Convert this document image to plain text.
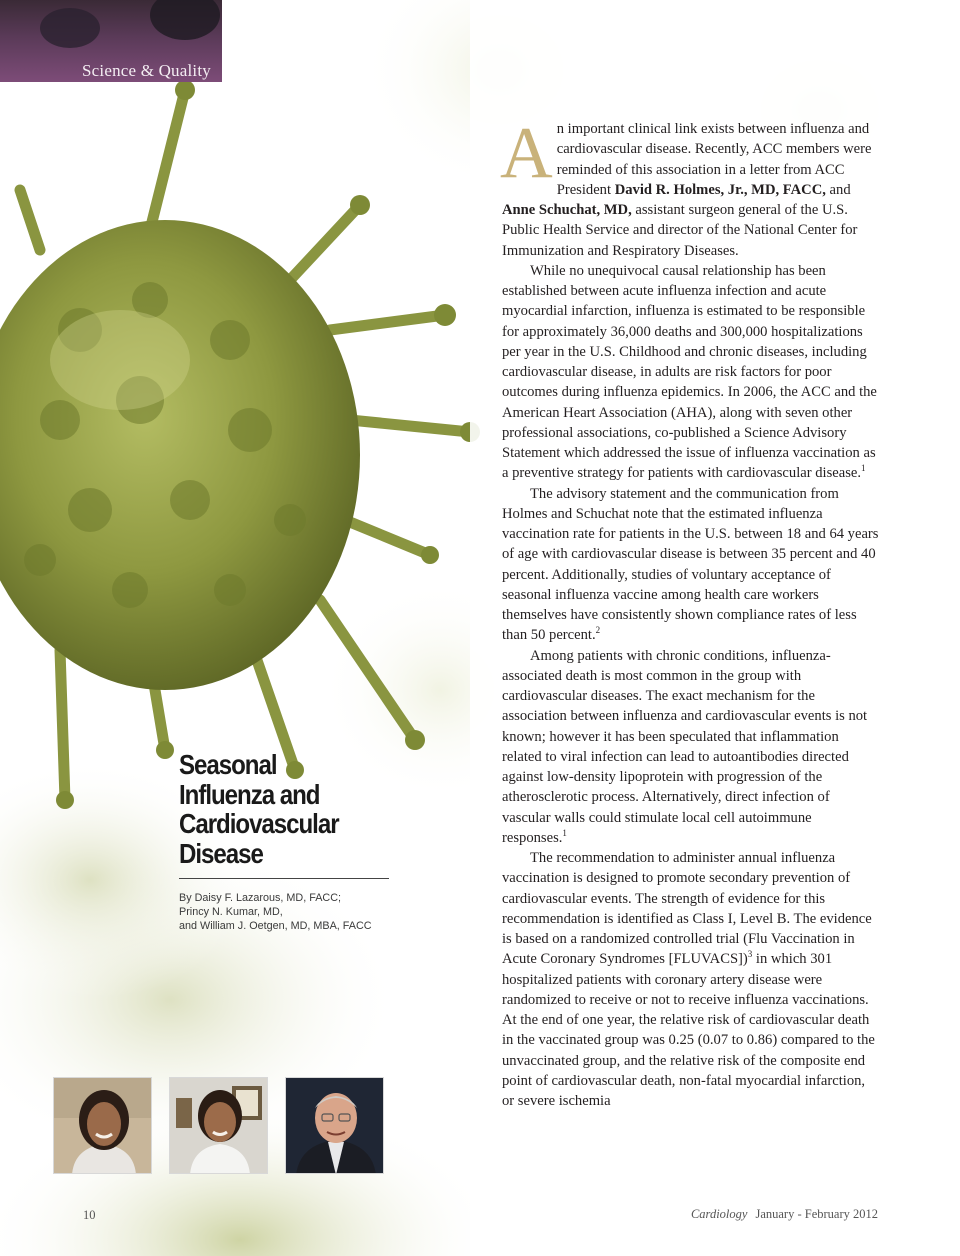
Science & Quality

An important clinical link exists between influenza and cardiovascular disease. Recently, ACC members were reminded of this association in a letter from ACC President David R. Holmes, Jr., MD, FACC, and Anne Schuchat, MD, assistant surgeon general of the U.S. Public Health Service and director of the National Center for Immunization and Respiratory Diseases.

While no unequivocal causal relationship has been established between acute influenza infection and acute myocardial infarction, influenza is estimated to be responsible for approximately 36,000 deaths and 300,000 hospitalizations per year in the U.S. Childhood and chronic diseases, including cardiovascular disease, in adults are risk factors for poor outcomes during influenza epidemics. In 2006, the ACC and the American Heart Association (AHA), along with seven other professional associations, co-published a Science Advisory Statement which addressed the issue of influenza vaccination as a preventive strategy for patients with cardiovascular disease.$^1$

The advisory statement and the communication from Holmes and Schuchat note that the estimated influenza vaccination rate for patients in the U.S. between 18 and 64 years of age with cardiovascular disease is between 35 percent and 40 percent. Additionally, studies of voluntary acceptance of seasonal influenza vaccine among health care workers themselves have consistently shown compliance rates of less than 50 percent.$^2$

Among patients with chronic conditions, influenza-associated death is most common in the group with cardiovascular diseases. The exact mechanism for the association between influenza and cardiovascular events is not known; however it has been speculated that inflammation related to viral infection can lead to autoantibodies directed against low-density lipoprotein with progression of the atherosclerotic process. Alternatively, direct infection of vascular walls could stimulate local cell autoimmune responses.$^1$

The recommendation to administer annual influenza vaccination is designed to promote secondary prevention of cardiovascular events. The strength of evidence for this recommendation is identified as Class I, Level B. The evidence is based on a randomized controlled trial (Flu Vaccination in Acute Coronary Syndromes [FLUVACS])$^3$ in which 301 hospitalized patients with coronary artery disease were randomized to receive or not to receive influenza vaccinations. At the end of one year, the relative risk of cardiovascular death in the vaccinated group was 0.25 (0.07 to 0.86) compared to the unvaccinated group, and the relative risk of the composite end point of cardiovascular death, non-fatal myocardial infarction, or severe ischemia

Seasonal
Influenza and
Cardiovascular
Disease

By Daisy F. Lazarous, MD, FACC;
Princy N. Kumar, MD,
and William J. Oetgen, MD, MBA, FACC

10	Cardiology January - February 2012
